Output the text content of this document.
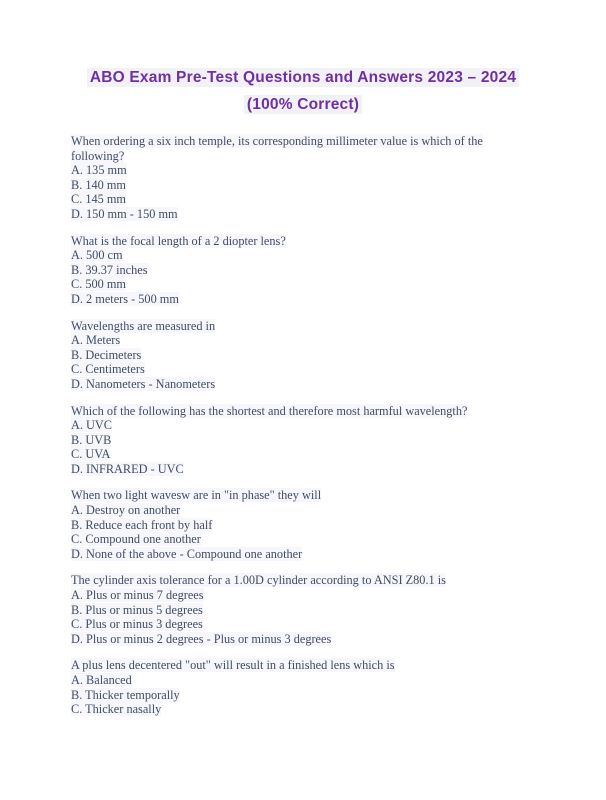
ABO Exam Pre-Test Questions and Answers 2023 – 2024
(100% Correct)
When ordering a six inch temple, its corresponding millimeter value is which of the
following?
A. 135 mm
B. 140 mm
C. 145 mm
D. 150 mm - 150 mm
What is the focal length of a 2 diopter lens?
A. 500 cm
B. 39.37 inches
C. 500 mm
D. 2 meters - 500 mm
Wavelengths are measured in
A. Meters
B. Decimeters
C. Centimeters
D. Nanometers - Nanometers
Which of the following has the shortest and therefore most harmful wavelength?
A. UVC
B. UVB
C. UVA
D. INFRARED - UVC
When two light wavesw are in "in phase" they will
A. Destroy on another
B. Reduce each front by half
C. Compound one another
D. None of the above - Compound one another
The cylinder axis tolerance for a 1.00D cylinder according to ANSI Z80.1 is
A. Plus or minus 7 degrees
B. Plus or minus 5 degrees
C. Plus or minus 3 degrees
D. Plus or minus 2 degrees - Plus or minus 3 degrees
A plus lens decentered "out" will result in a finished lens which is
A. Balanced
B. Thicker temporally
C. Thicker nasally
